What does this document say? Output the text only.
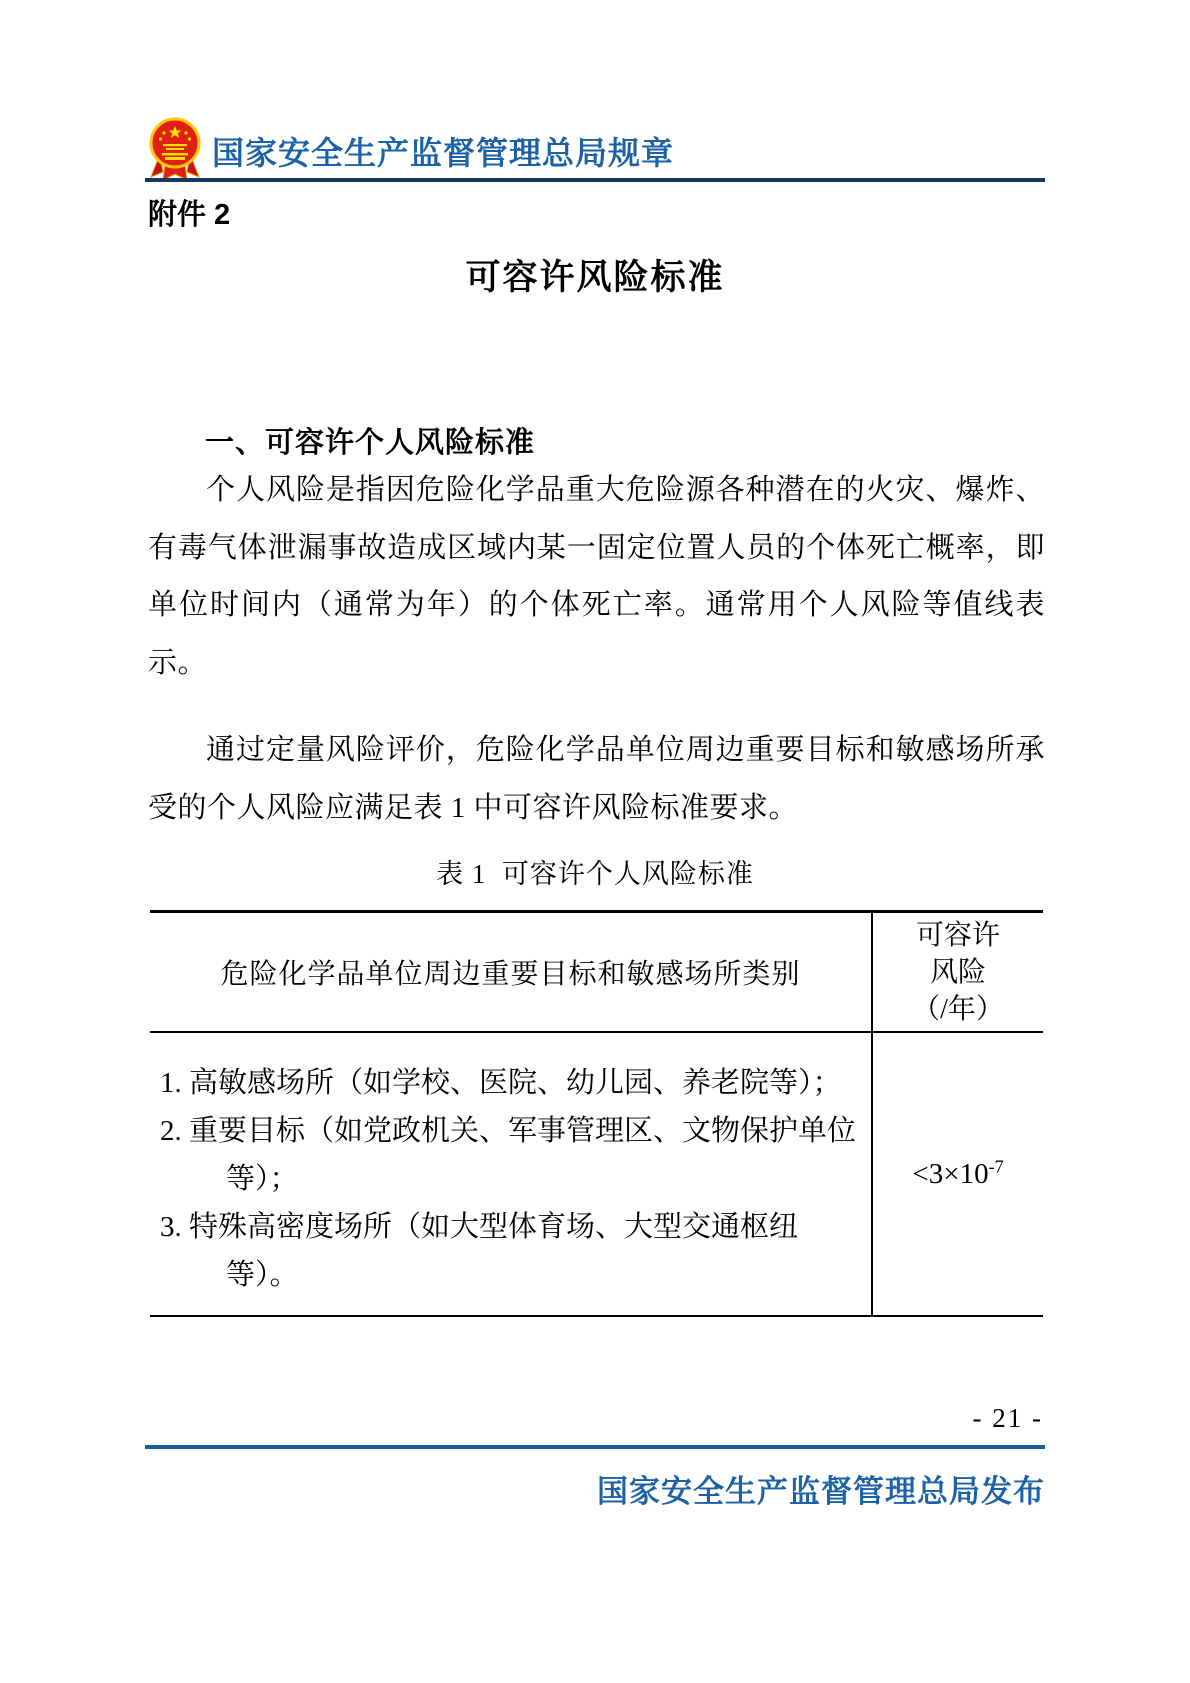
国家安全生产监督管理总局规章
附件 2
可容许风险标准
一、可容许个人风险标准
个人风险是指因危险化学品重大危险源各种潜在的火灾、爆炸、有毒气体泄漏事故造成区域内某一固定位置人员的个体死亡概率，即单位时间内（通常为年）的个体死亡率。通常用个人风险等值线表示。
通过定量风险评价，危险化学品单位周边重要目标和敏感场所承受的个人风险应满足表 1 中可容许风险标准要求。
表 1  可容许个人风险标准
危险化学品单位周边重要目标和敏感场所类别
可容许
风险
（/年）
1. 高敏感场所（如学校、医院、幼儿园、养老院等）；
2. 重要目标（如党政机关、军事管理区、文物保护单位等）；
3. 特殊高密度场所（如大型体育场、大型交通枢纽等）。
$<3\times 10^{-7}$
- 21 -
国家安全生产监督管理总局发布
